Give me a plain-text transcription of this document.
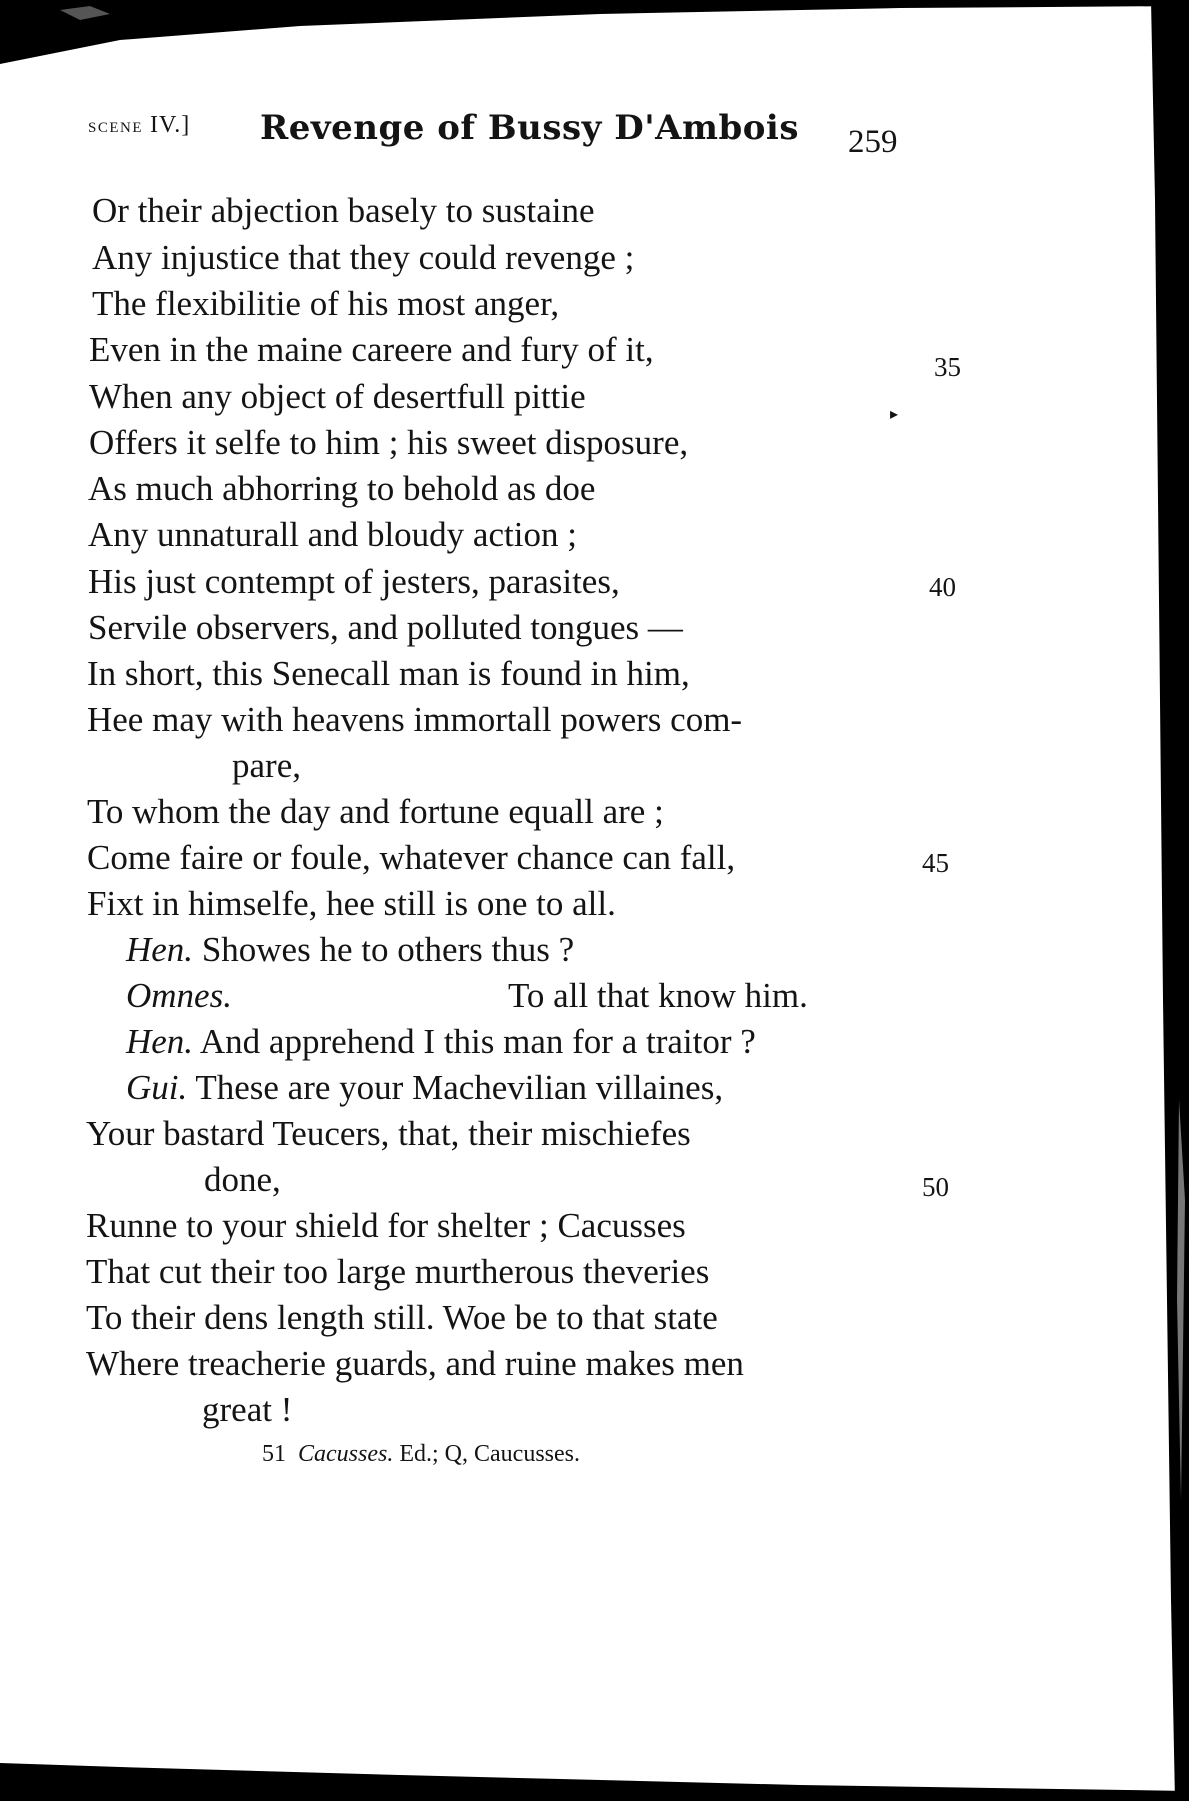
SCENE IV.] Revenge of Bussy D'Ambois 259
Or their abjection basely to sustaine
Any injustice that they could revenge ;
The flexibilitie of his most anger,
Even in the maine careere and fury of it,
When any object of desertfull pittie
Offers it selfe to him ; his sweet disposure,
As much abhorring to behold as doe
Any unnaturall and bloudy action ;
His just contempt of jesters, parasites,
Servile observers, and polluted tongues —
In short, this Senecall man is found in him,
Hee may with heavens immortall powers com-
pare,
To whom the day and fortune equall are ;
Come faire or foule, whatever chance can fall,
Fixt in himselfe, hee still is one to all.
Hen. Showes he to others thus ?
Omnes.	To all that know him.
Hen. And apprehend I this man for a traitor ?
Gui. These are your Machevilian villaines,
Your bastard Teucers, that, their mischiefes
done,
Runne to your shield for shelter ; Cacusses
That cut their too large murtherous theveries
To their dens length still. Woe be to that state
Where treacherie guards, and ruine makes men
great !
35
40
45
50
▸
51 Cacusses. Ed.; Q, Caucusses.
